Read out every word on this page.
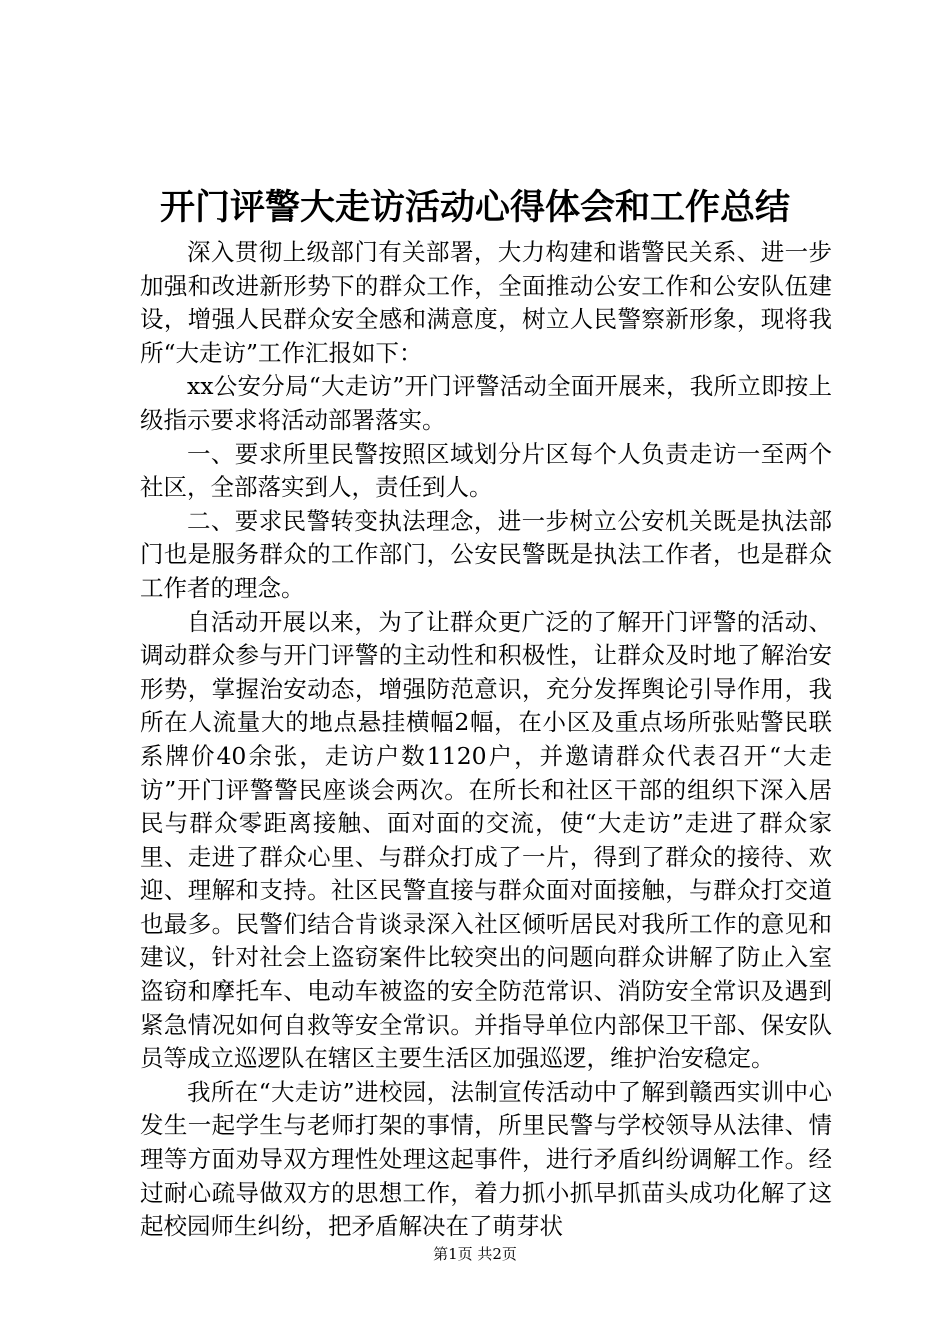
开门评警大走访活动心得体会和工作总结

深入贯彻上级部门有关部署，大力构建和谐警民关系、进一步加强和改进新形势下的群众工作，全面推动公安工作和公安队伍建设，增强人民群众安全感和满意度，树立人民警察新形象，现将我所“大走访”工作汇报如下：

xx公安分局“大走访”开门评警活动全面开展来，我所立即按上级指示要求将活动部署落实。

一、要求所里民警按照区域划分片区每个人负责走访一至两个社区，全部落实到人，责任到人。

二、要求民警转变执法理念，进一步树立公安机关既是执法部门也是服务群众的工作部门，公安民警既是执法工作者，也是群众工作者的理念。

自活动开展以来，为了让群众更广泛的了解开门评警的活动、调动群众参与开门评警的主动性和积极性，让群众及时地了解治安形势，掌握治安动态，增强防范意识，充分发挥舆论引导作用，我所在人流量大的地点悬挂横幅2幅，在小区及重点场所张贴警民联系牌价40余张，走访户数1120户，并邀请群众代表召开“大走访”开门评警警民座谈会两次。在所长和社区干部的组织下深入居民与群众零距离接触、面对面的交流，使“大走访”走进了群众家里、走进了群众心里、与群众打成了一片，得到了群众的接待、欢迎、理解和支持。社区民警直接与群众面对面接触，与群众打交道也最多。民警们结合肯谈录深入社区倾听居民对我所工作的意见和建议，针对社会上盗窃案件比较突出的问题向群众讲解了防止入室盗窃和摩托车、电动车被盗的安全防范常识、消防安全常识及遇到紧急情况如何自救等安全常识。并指导单位内部保卫干部、保安队员等成立巡逻队在辖区主要生活区加强巡逻，维护治安稳定。

我所在“大走访”进校园，法制宣传活动中了解到赣西实训中心发生一起学生与老师打架的事情，所里民警与学校领导从法律、情理等方面劝导双方理性处理这起事件，进行矛盾纠纷调解工作。经过耐心疏导做双方的思想工作，着力抓小抓早抓苗头成功化解了这起校园师生纠纷，把矛盾解决在了萌芽状

第1页 共2页
